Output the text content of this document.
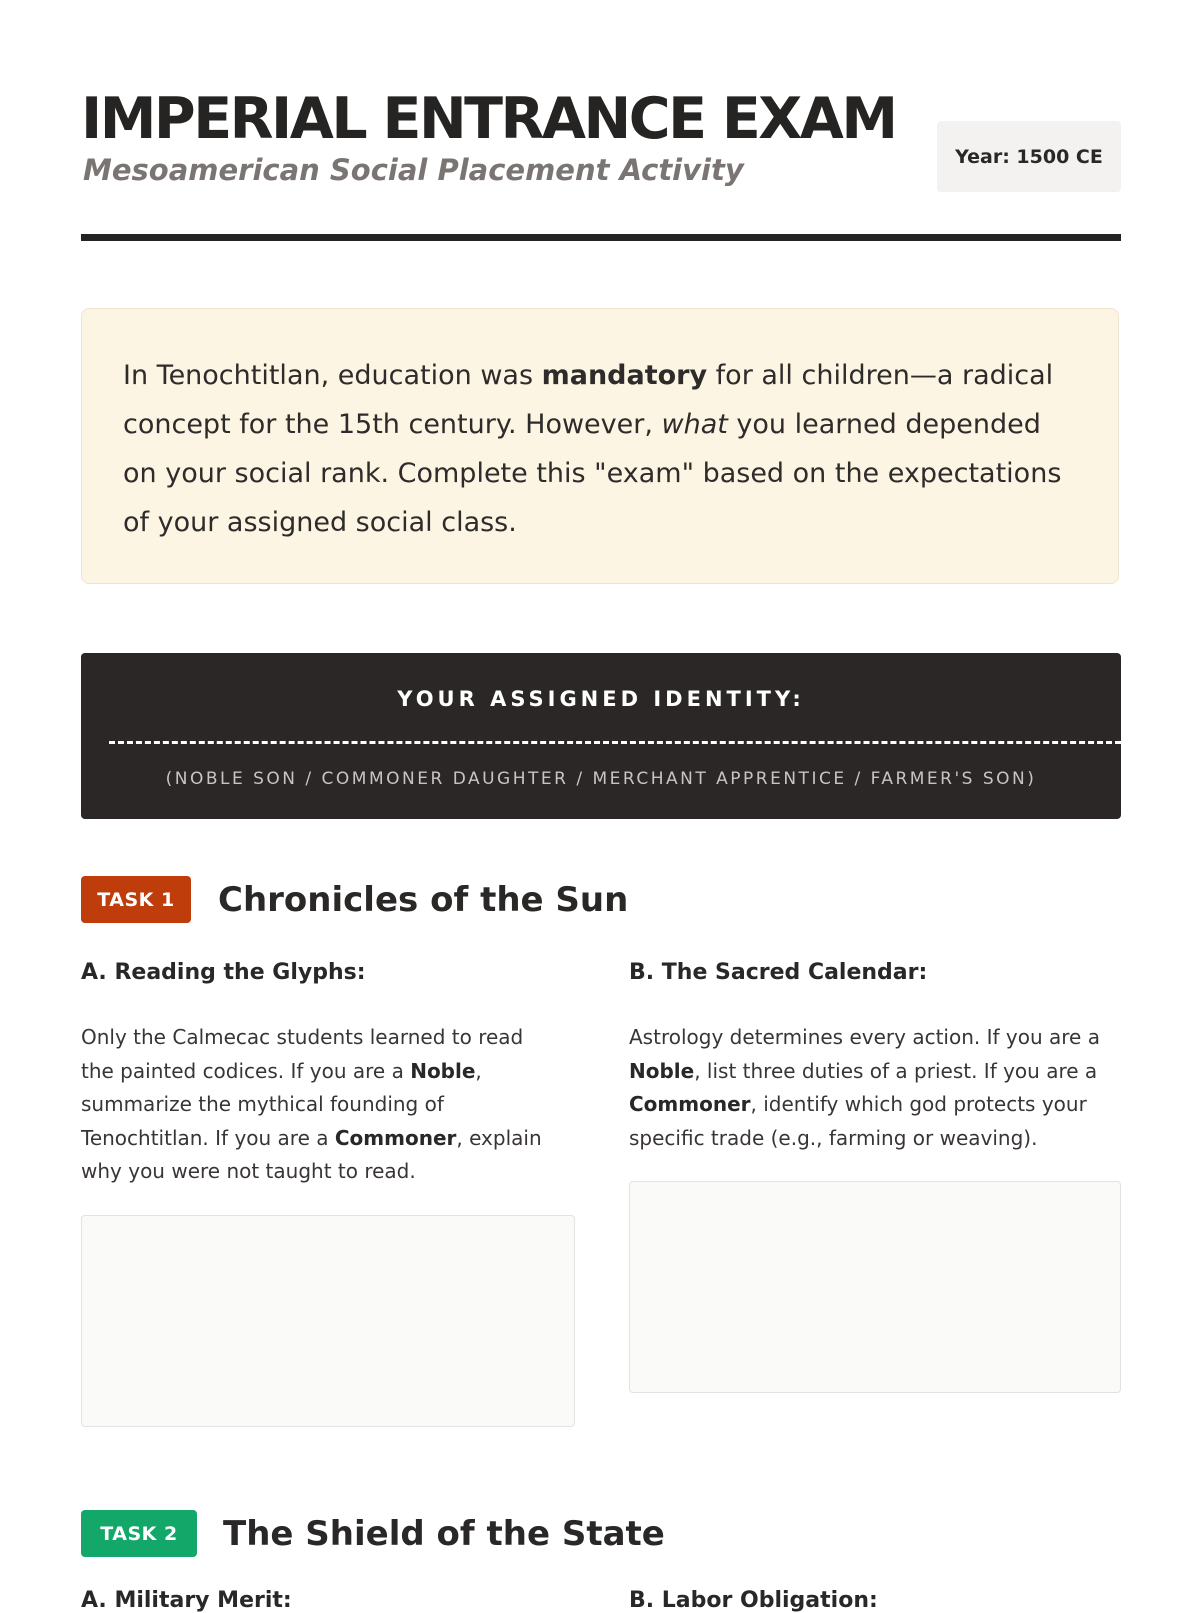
IMPERIAL ENTRANCE EXAM
Mesoamerican Social Placement Activity	Year: 1500 CE

In Tenochtitlan, education was mandatory for all children—a radical concept for the 15th century. However, what you learned depended on your social rank. Complete this "exam" based on the expectations of your assigned social class.

YOUR ASSIGNED IDENTITY:
(NOBLE SON / COMMONER DAUGHTER / MERCHANT APPRENTICE / FARMER'S SON)
TASK 1	Chronicles of the Sun
A. Reading the Glyphs:

Only the Calmecac students learned to read the painted codices. If you are a Noble, summarize the mythical founding of Tenochtitlan. If you are a Commoner, explain why you were not taught to read.

B. The Sacred Calendar:

Astrology determines every action. If you are a Noble, list three duties of a priest. If you are a Commoner, identify which god protects your specific trade (e.g., farming or weaving).

TASK 2	The Shield of the State
A. Military Merit:	B. Labor Obligation:
